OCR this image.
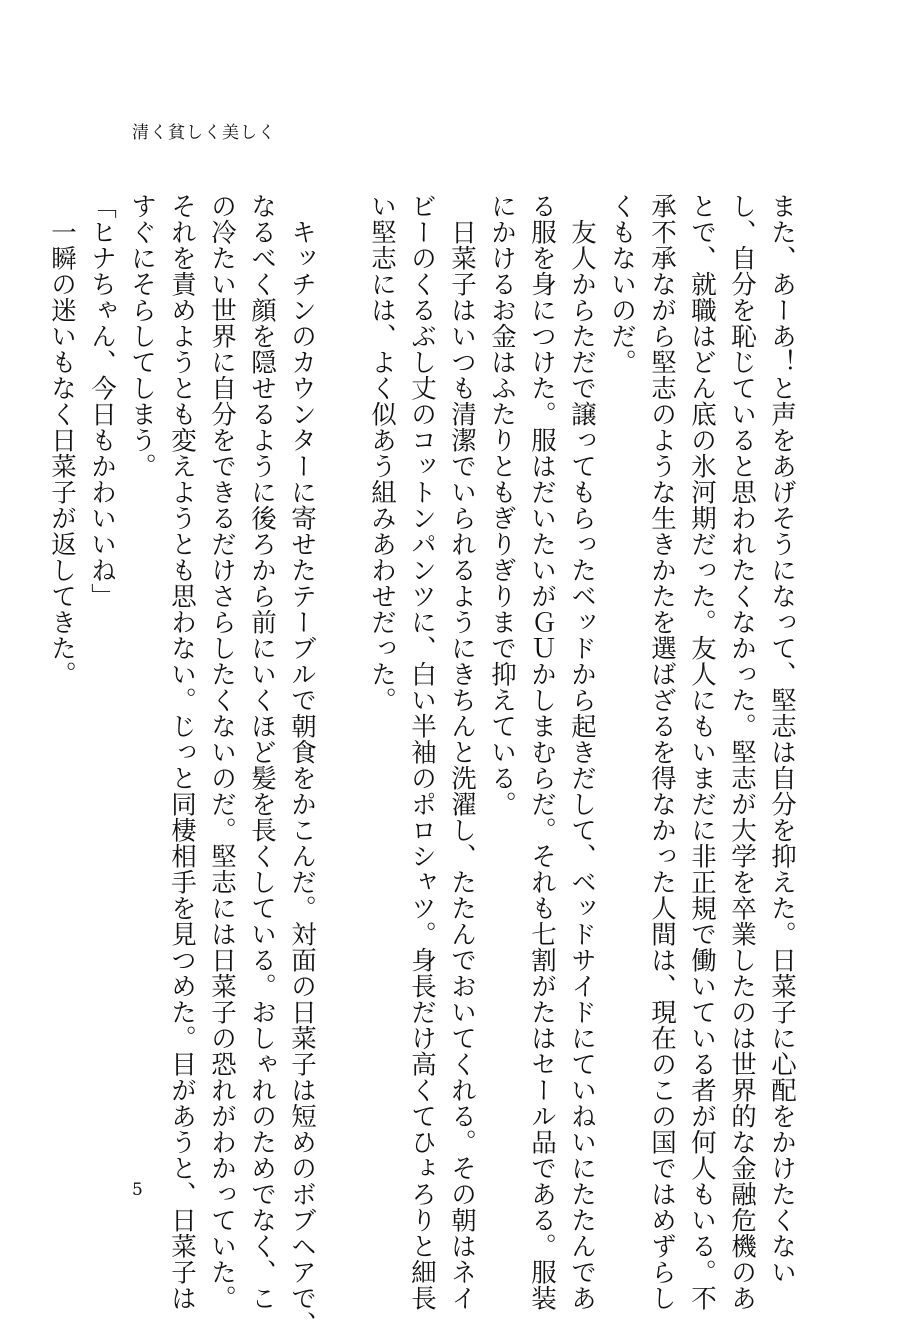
清く貧しく美しく
また、あーあ！と声をあげそうになって、堅志は自分を抑えた。日菜子に心配をかけたくない
し、自分を恥じていると思われたくなかった。堅志が大学を卒業したのは世界的な金融危機のあ
とで、就職はどん底の氷河期だった。友人にもいまだに非正規で働いている者が何人もいる。不
承不承ながら堅志のような生きかたを選ばざるを得なかった人間は、現在のこの国ではめずらし
くもないのだ。
　友人からただで譲ってもらったベッドから起きだして、ベッドサイドにていねいにたたんであ
る服を身につけた。服はだいたいがＧＵかしまむらだ。それも七割がたはセール品である。服装
にかけるお金はふたりともぎりぎりまで抑えている。
　日菜子はいつも清潔でいられるようにきちんと洗濯し、たたんでおいてくれる。その朝はネイ
ビーのくるぶし丈のコットンパンツに、白い半袖のポロシャツ。身長だけ高くてひょろりと細長
い堅志には、よく似あう組みあわせだった。
　キッチンのカウンターに寄せたテーブルで朝食をかこんだ。対面の日菜子は短めのボブヘアで、
なるべく顔を隠せるように後ろから前にいくほど髪を長くしている。おしゃれのためでなく、こ
の冷たい世界に自分をできるだけさらしたくないのだ。堅志には日菜子の恐れがわかっていた。
それを責めようとも変えようとも思わない。じっと同棲相手を見つめた。目があうと、日菜子は
すぐにそらしてしまう。
「ヒナちゃん、今日もかわいいね」
　一瞬の迷いもなく日菜子が返してきた。
5
